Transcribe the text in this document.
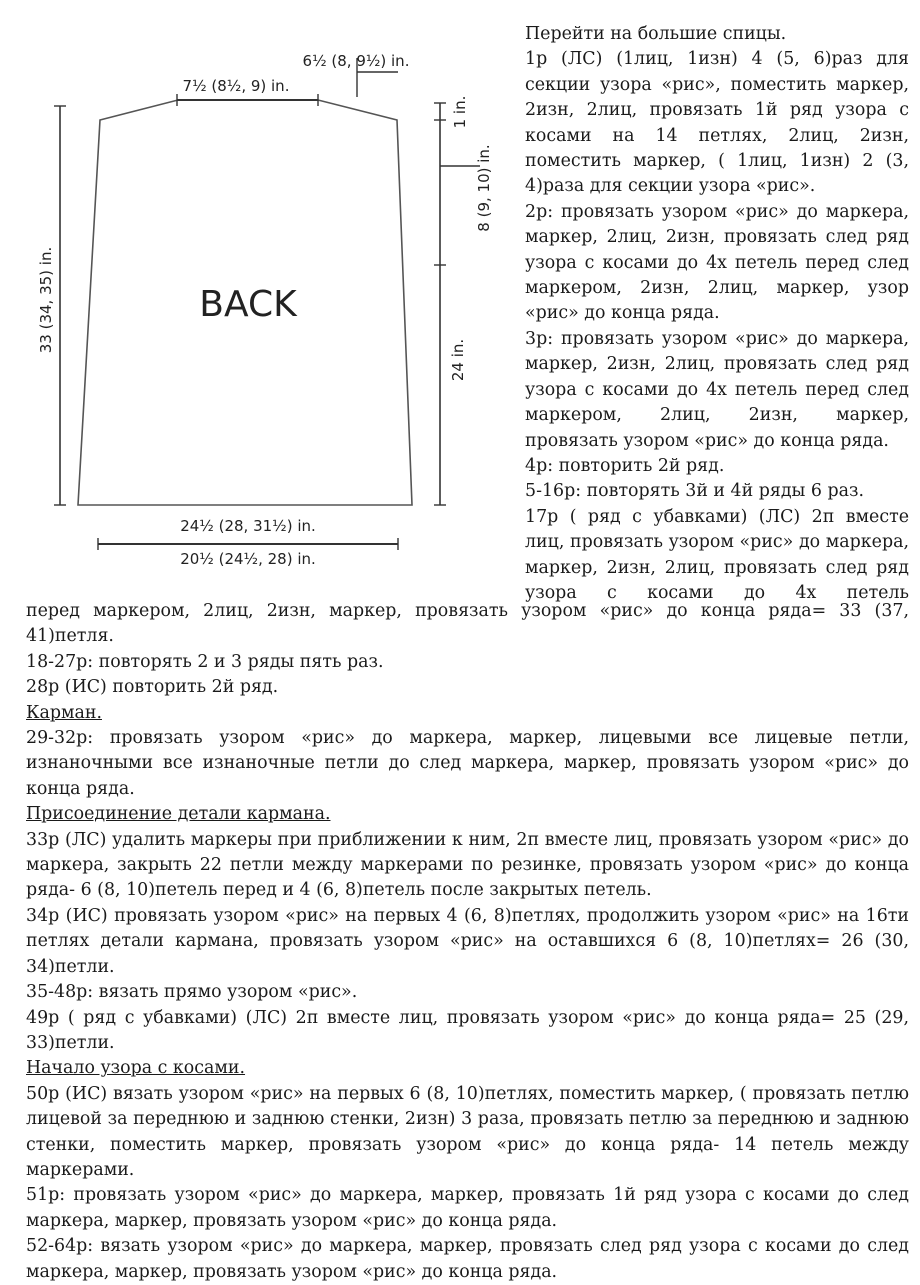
BACK
6½ (8, 9½) in.
7½ (8½, 9) in.
33 (34, 35) in.
1 in.
8 (9, 10) in.
24 in.
24½ (28, 31½) in.
20½ (24½, 28) in.

Перейти на большие спицы.

1р (ЛС) (1лиц, 1изн) 4 (5, 6)раз для секции узора «рис», поместить маркер, 2изн, 2лиц, провязать 1й ряд узора с косами на 14 петлях, 2лиц, 2изн, поместить маркер, ( 1лиц, 1изн) 2 (3, 4)раза для секции узора «рис».

2р: провязать узором «рис» до маркера, маркер, 2лиц, 2изн, провязать след ряд узора с косами до 4х петель перед след маркером, 2изн, 2лиц, маркер, узор «рис» до конца ряда.

3р: провязать узором «рис» до маркера, маркер, 2изн, 2лиц, провязать след ряд узора с косами до 4х петель перед след маркером, 2лиц, 2изн, маркер, провязать узором «рис» до конца ряда.

4р: повторить 2й ряд.

5-16р: повторять 3й и 4й ряды 6 раз.

17р ( ряд с убавками) (ЛС) 2п вместе лиц, провязать узором «рис» до маркера, маркер, 2изн, 2лиц, провязать след ряд узора с косами до 4х петель

перед маркером, 2лиц, 2изн, маркер, провязать узором «рис» до конца ряда= 33 (37, 41)петля.

18-27р: повторять 2 и 3 ряды пять раз.

28р (ИС) повторить 2й ряд.

Карман.

29-32р: провязать узором «рис» до маркера, маркер, лицевыми все лицевые петли, изнаночными все изнаночные петли до след маркера, маркер, провязать узором «рис» до конца ряда.

Присоединение детали кармана.

33р (ЛС) удалить маркеры при приближении к ним, 2п вместе лиц, провязать узором «рис» до маркера, закрыть 22 петли между маркерами по резинке, провязать узором «рис» до конца ряда- 6 (8, 10)петель перед и 4 (6, 8)петель после закрытых петель.

34р (ИС) провязать узором «рис» на первых 4 (6, 8)петлях, продолжить узором «рис» на 16ти петлях детали кармана, провязать узором «рис» на оставшихся 6 (8, 10)петлях= 26 (30, 34)петли.

35-48р: вязать прямо узором «рис».

49р ( ряд с убавками) (ЛС) 2п вместе лиц, провязать узором «рис» до конца ряда= 25 (29, 33)петли.

Начало узора с косами.

50р (ИС) вязать узором «рис» на первых 6 (8, 10)петлях, поместить маркер, ( провязать петлю лицевой за переднюю и заднюю стенки, 2изн) 3 раза, провязать петлю за переднюю и заднюю стенки, поместить маркер, провязать узором «рис» до конца ряда- 14 петель между маркерами.

51р: провязать узором «рис» до маркера, маркер, провязать 1й ряд узора с косами до след маркера, маркер, провязать узором «рис» до конца ряда.

52-64р: вязать узором «рис» до маркера, маркер, провязать след ряд узора с косами до след маркера, маркер, провязать узором «рис» до конца ряда.
